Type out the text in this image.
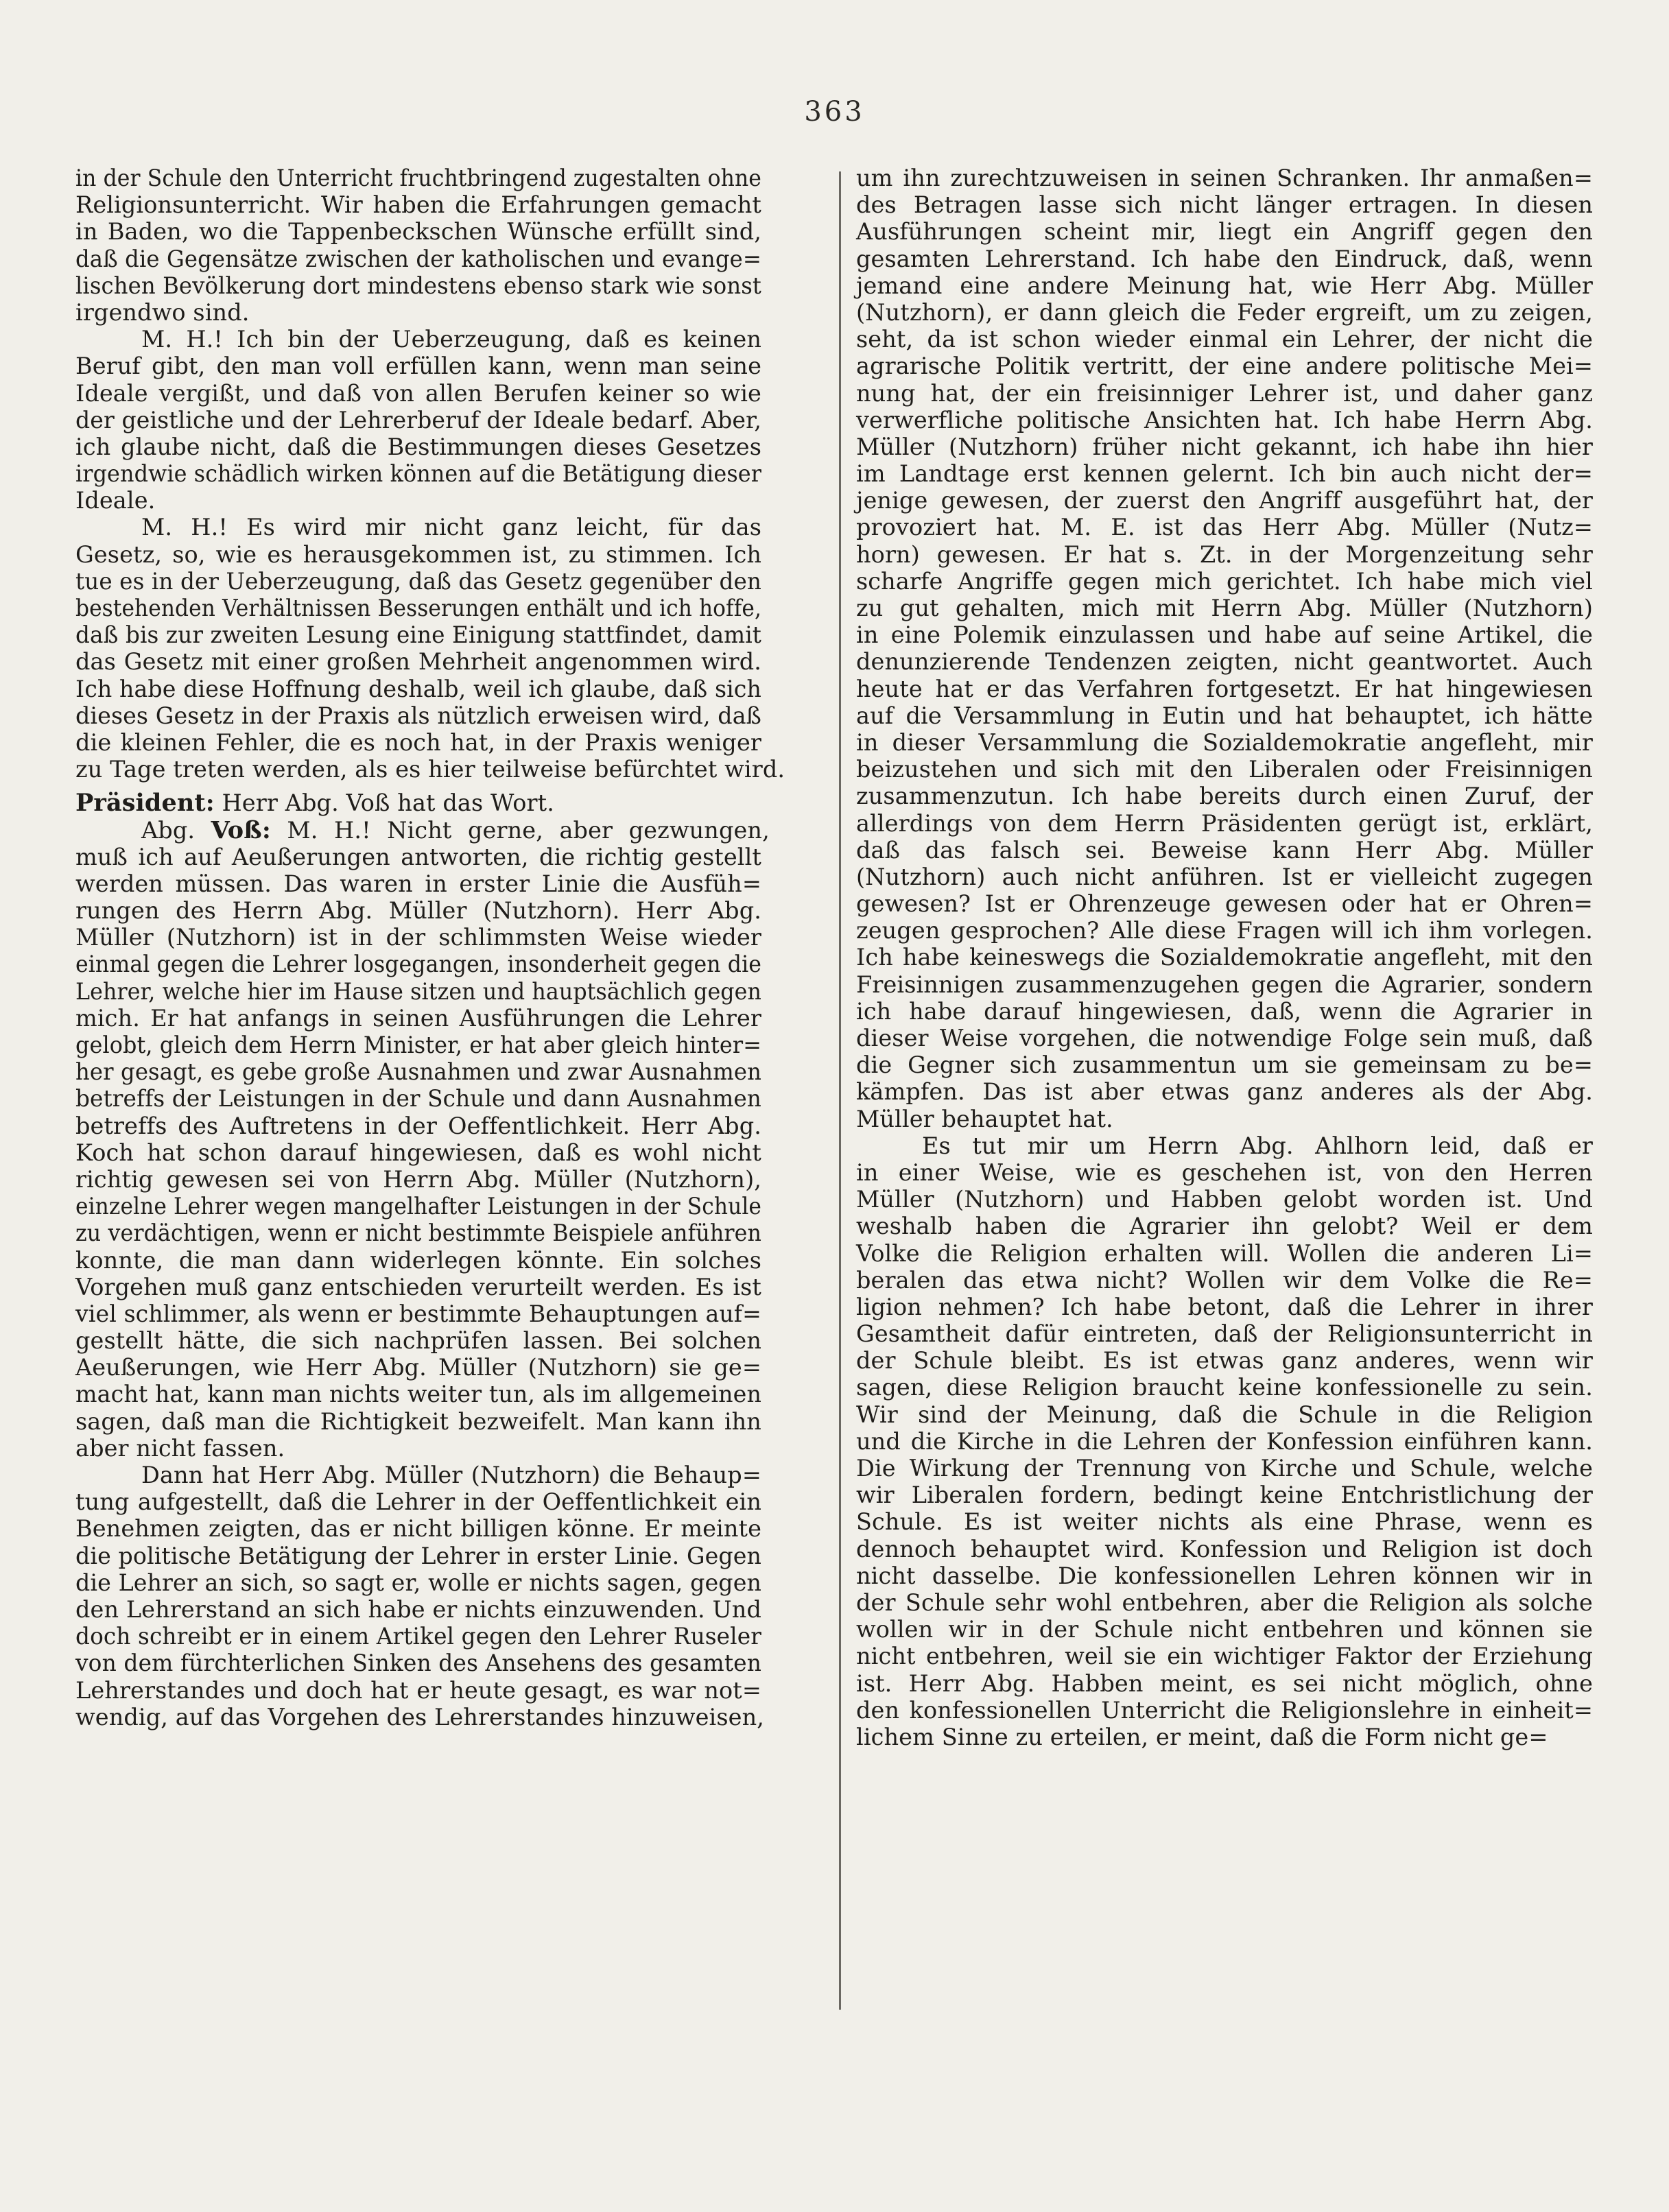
363
in der Schule den Unterricht fruchtbringend zugestalten ohne
Religionsunterricht. Wir haben die Erfahrungen gemacht
in Baden, wo die Tappenbeckschen Wünsche erfüllt sind,
daß die Gegensätze zwischen der katholischen und evange=
lischen Bevölkerung dort mindestens ebenso stark wie sonst
irgendwo sind.
M. H.! Ich bin der Ueberzeugung, daß es keinen
Beruf gibt, den man voll erfüllen kann, wenn man seine
Ideale vergißt, und daß von allen Berufen keiner so wie
der geistliche und der Lehrerberuf der Ideale bedarf. Aber,
ich glaube nicht, daß die Bestimmungen dieses Gesetzes
irgendwie schädlich wirken können auf die Betätigung dieser
Ideale.
M. H.! Es wird mir nicht ganz leicht, für das
Gesetz, so, wie es herausgekommen ist, zu stimmen. Ich
tue es in der Ueberzeugung, daß das Gesetz gegenüber den
bestehenden Verhältnissen Besserungen enthält und ich hoffe,
daß bis zur zweiten Lesung eine Einigung stattfindet, damit
das Gesetz mit einer großen Mehrheit angenommen wird.
Ich habe diese Hoffnung deshalb, weil ich glaube, daß sich
dieses Gesetz in der Praxis als nützlich erweisen wird, daß
die kleinen Fehler, die es noch hat, in der Praxis weniger
zu Tage treten werden, als es hier teilweise befürchtet wird.
Präsident: Herr Abg. Voß hat das Wort.
Abg. Voß: M. H.! Nicht gerne, aber gezwungen,
muß ich auf Aeußerungen antworten, die richtig gestellt
werden müssen. Das waren in erster Linie die Ausfüh=
rungen des Herrn Abg. Müller (Nutzhorn). Herr Abg.
Müller (Nutzhorn) ist in der schlimmsten Weise wieder
einmal gegen die Lehrer losgegangen, insonderheit gegen die
Lehrer, welche hier im Hause sitzen und hauptsächlich gegen
mich. Er hat anfangs in seinen Ausführungen die Lehrer
gelobt, gleich dem Herrn Minister, er hat aber gleich hinter=
her gesagt, es gebe große Ausnahmen und zwar Ausnahmen
betreffs der Leistungen in der Schule und dann Ausnahmen
betreffs des Auftretens in der Oeffentlichkeit. Herr Abg.
Koch hat schon darauf hingewiesen, daß es wohl nicht
richtig gewesen sei von Herrn Abg. Müller (Nutzhorn),
einzelne Lehrer wegen mangelhafter Leistungen in der Schule
zu verdächtigen, wenn er nicht bestimmte Beispiele anführen
konnte, die man dann widerlegen könnte. Ein solches
Vorgehen muß ganz entschieden verurteilt werden. Es ist
viel schlimmer, als wenn er bestimmte Behauptungen auf=
gestellt hätte, die sich nachprüfen lassen. Bei solchen
Aeußerungen, wie Herr Abg. Müller (Nutzhorn) sie ge=
macht hat, kann man nichts weiter tun, als im allgemeinen
sagen, daß man die Richtigkeit bezweifelt. Man kann ihn
aber nicht fassen.
Dann hat Herr Abg. Müller (Nutzhorn) die Behaup=
tung aufgestellt, daß die Lehrer in der Oeffentlichkeit ein
Benehmen zeigten, das er nicht billigen könne. Er meinte
die politische Betätigung der Lehrer in erster Linie. Gegen
die Lehrer an sich, so sagt er, wolle er nichts sagen, gegen
den Lehrerstand an sich habe er nichts einzuwenden. Und
doch schreibt er in einem Artikel gegen den Lehrer Ruseler
von dem fürchterlichen Sinken des Ansehens des gesamten
Lehrerstandes und doch hat er heute gesagt, es war not=
wendig, auf das Vorgehen des Lehrerstandes hinzuweisen,
um ihn zurechtzuweisen in seinen Schranken. Ihr anmaßen=
des Betragen lasse sich nicht länger ertragen. In diesen
Ausführungen scheint mir, liegt ein Angriff gegen den
gesamten Lehrerstand. Ich habe den Eindruck, daß, wenn
jemand eine andere Meinung hat, wie Herr Abg. Müller
(Nutzhorn), er dann gleich die Feder ergreift, um zu zeigen,
seht, da ist schon wieder einmal ein Lehrer, der nicht die
agrarische Politik vertritt, der eine andere politische Mei=
nung hat, der ein freisinniger Lehrer ist, und daher ganz
verwerfliche politische Ansichten hat. Ich habe Herrn Abg.
Müller (Nutzhorn) früher nicht gekannt, ich habe ihn hier
im Landtage erst kennen gelernt. Ich bin auch nicht der=
jenige gewesen, der zuerst den Angriff ausgeführt hat, der
provoziert hat. M. E. ist das Herr Abg. Müller (Nutz=
horn) gewesen. Er hat s. Zt. in der Morgenzeitung sehr
scharfe Angriffe gegen mich gerichtet. Ich habe mich viel
zu gut gehalten, mich mit Herrn Abg. Müller (Nutzhorn)
in eine Polemik einzulassen und habe auf seine Artikel, die
denunzierende Tendenzen zeigten, nicht geantwortet. Auch
heute hat er das Verfahren fortgesetzt. Er hat hingewiesen
auf die Versammlung in Eutin und hat behauptet, ich hätte
in dieser Versammlung die Sozialdemokratie angefleht, mir
beizustehen und sich mit den Liberalen oder Freisinnigen
zusammenzutun. Ich habe bereits durch einen Zuruf, der
allerdings von dem Herrn Präsidenten gerügt ist, erklärt,
daß das falsch sei. Beweise kann Herr Abg. Müller
(Nutzhorn) auch nicht anführen. Ist er vielleicht zugegen
gewesen? Ist er Ohrenzeuge gewesen oder hat er Ohren=
zeugen gesprochen? Alle diese Fragen will ich ihm vorlegen.
Ich habe keineswegs die Sozialdemokratie angefleht, mit den
Freisinnigen zusammenzugehen gegen die Agrarier, sondern
ich habe darauf hingewiesen, daß, wenn die Agrarier in
dieser Weise vorgehen, die notwendige Folge sein muß, daß
die Gegner sich zusammentun um sie gemeinsam zu be=
kämpfen. Das ist aber etwas ganz anderes als der Abg.
Müller behauptet hat.
Es tut mir um Herrn Abg. Ahlhorn leid, daß er
in einer Weise, wie es geschehen ist, von den Herren
Müller (Nutzhorn) und Habben gelobt worden ist. Und
weshalb haben die Agrarier ihn gelobt? Weil er dem
Volke die Religion erhalten will. Wollen die anderen Li=
beralen das etwa nicht? Wollen wir dem Volke die Re=
ligion nehmen? Ich habe betont, daß die Lehrer in ihrer
Gesamtheit dafür eintreten, daß der Religionsunterricht in
der Schule bleibt. Es ist etwas ganz anderes, wenn wir
sagen, diese Religion braucht keine konfessionelle zu sein.
Wir sind der Meinung, daß die Schule in die Religion
und die Kirche in die Lehren der Konfession einführen kann.
Die Wirkung der Trennung von Kirche und Schule, welche
wir Liberalen fordern, bedingt keine Entchristlichung der
Schule. Es ist weiter nichts als eine Phrase, wenn es
dennoch behauptet wird. Konfession und Religion ist doch
nicht dasselbe. Die konfessionellen Lehren können wir in
der Schule sehr wohl entbehren, aber die Religion als solche
wollen wir in der Schule nicht entbehren und können sie
nicht entbehren, weil sie ein wichtiger Faktor der Erziehung
ist. Herr Abg. Habben meint, es sei nicht möglich, ohne
den konfessionellen Unterricht die Religionslehre in einheit=
lichem Sinne zu erteilen, er meint, daß die Form nicht ge=
